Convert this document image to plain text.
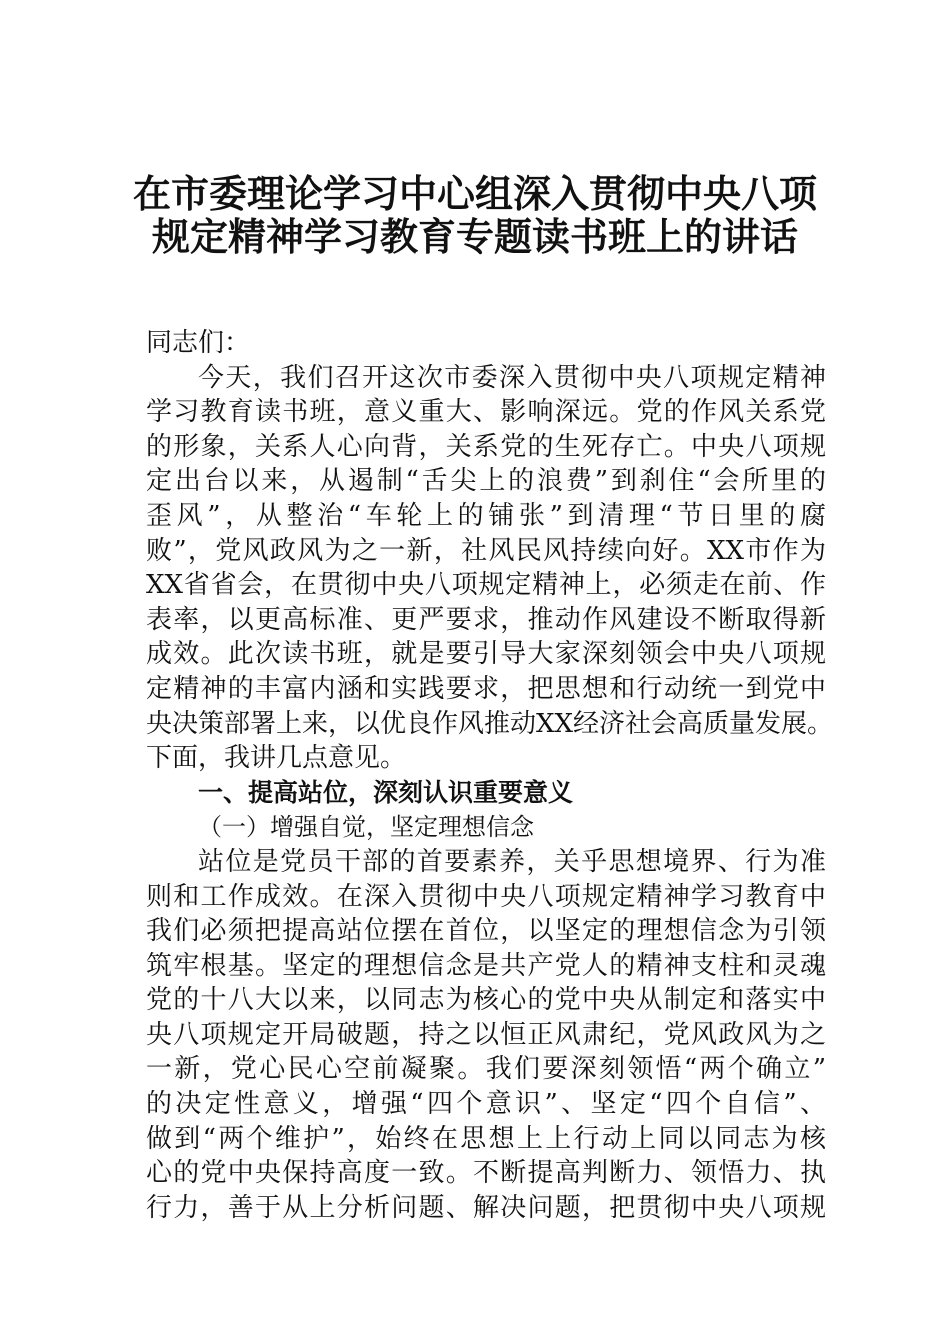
在市委理论学习中心组深入贯彻中央八项
规定精神学习教育专题读书班上的讲话
同志们：
今天，我们召开这次市委深入贯彻中央八项规定精神
学习教育读书班，意义重大、影响深远。党的作风关系党
的形象，关系人心向背，关系党的生死存亡。中央八项规
定出台以来，从遏制“舌尖上的浪费”到刹住“会所里的
歪风”，从整治“车轮上的铺张”到清理“节日里的腐
败”，党风政风为之一新，社风民风持续向好。XX市作为
XX省省会，在贯彻中央八项规定精神上，必须走在前、作
表率，以更高标准、更严要求，推动作风建设不断取得新
成效。此次读书班，就是要引导大家深刻领会中央八项规
定精神的丰富内涵和实践要求，把思想和行动统一到党中
央决策部署上来，以优良作风推动XX经济社会高质量发展。
下面，我讲几点意见。
一、提高站位，深刻认识重要意义
（一）增强自觉，坚定理想信念
站位是党员干部的首要素养，关乎思想境界、行为准
则和工作成效。在深入贯彻中央八项规定精神学习教育中
我们必须把提高站位摆在首位，以坚定的理想信念为引领
筑牢根基。坚定的理想信念是共产党人的精神支柱和灵魂
党的十八大以来，以同志为核心的党中央从制定和落实中
央八项规定开局破题，持之以恒正风肃纪，党风政风为之
一新，党心民心空前凝聚。我们要深刻领悟“两个确立”
的决定性意义，增强“四个意识”、坚定“四个自信”、
做到“两个维护”，始终在思想上上行动上同以同志为核
心的党中央保持高度一致。不断提高判断力、领悟力、执
行力，善于从上分析问题、解决问题，把贯彻中央八项规
